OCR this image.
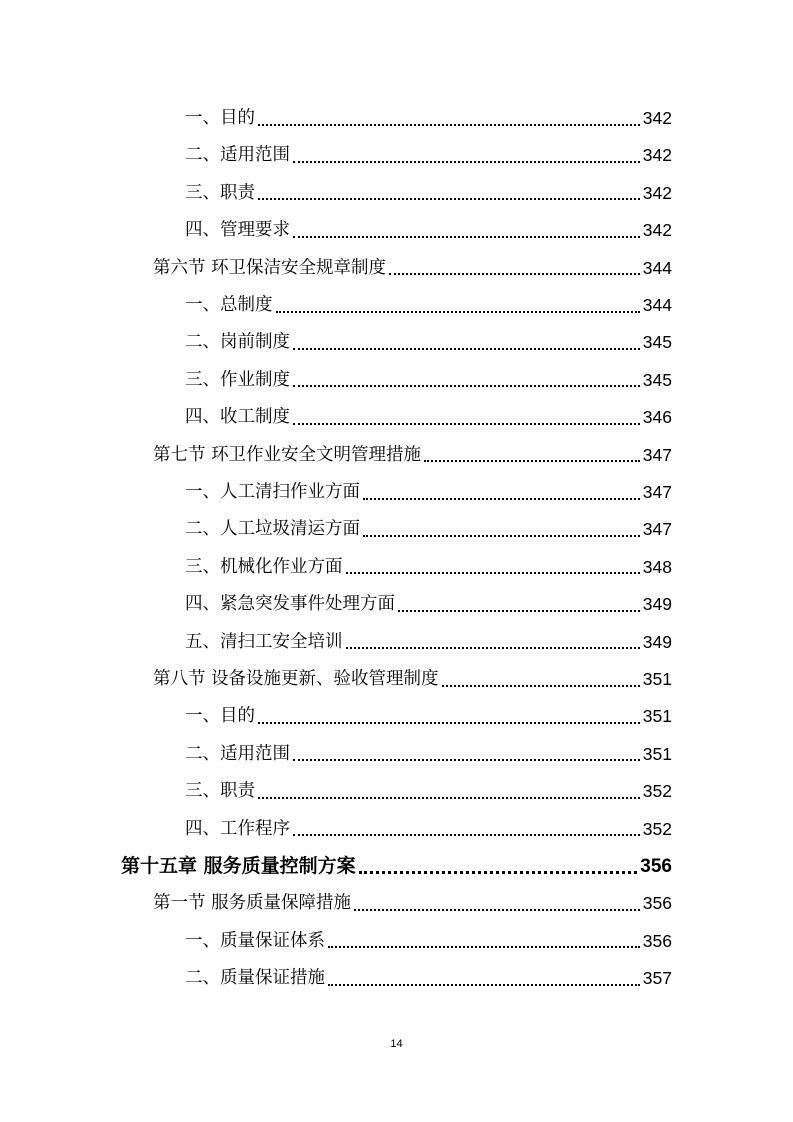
一、目的	342
二、适用范围	342
三、职责	342
四、管理要求	342
第六节 环卫保洁安全规章制度	344
一、总制度	344
二、岗前制度	345
三、作业制度	345
四、收工制度	346
第七节 环卫作业安全文明管理措施	347
一、人工清扫作业方面	347
二、人工垃圾清运方面	347
三、机械化作业方面	348
四、紧急突发事件处理方面	349
五、清扫工安全培训	349
第八节 设备设施更新、验收管理制度	351
一、目的	351
二、适用范围	351
三、职责	352
四、工作程序	352
第十五章 服务质量控制方案	356
第一节 服务质量保障措施	356
一、质量保证体系	356
二、质量保证措施	357
14
